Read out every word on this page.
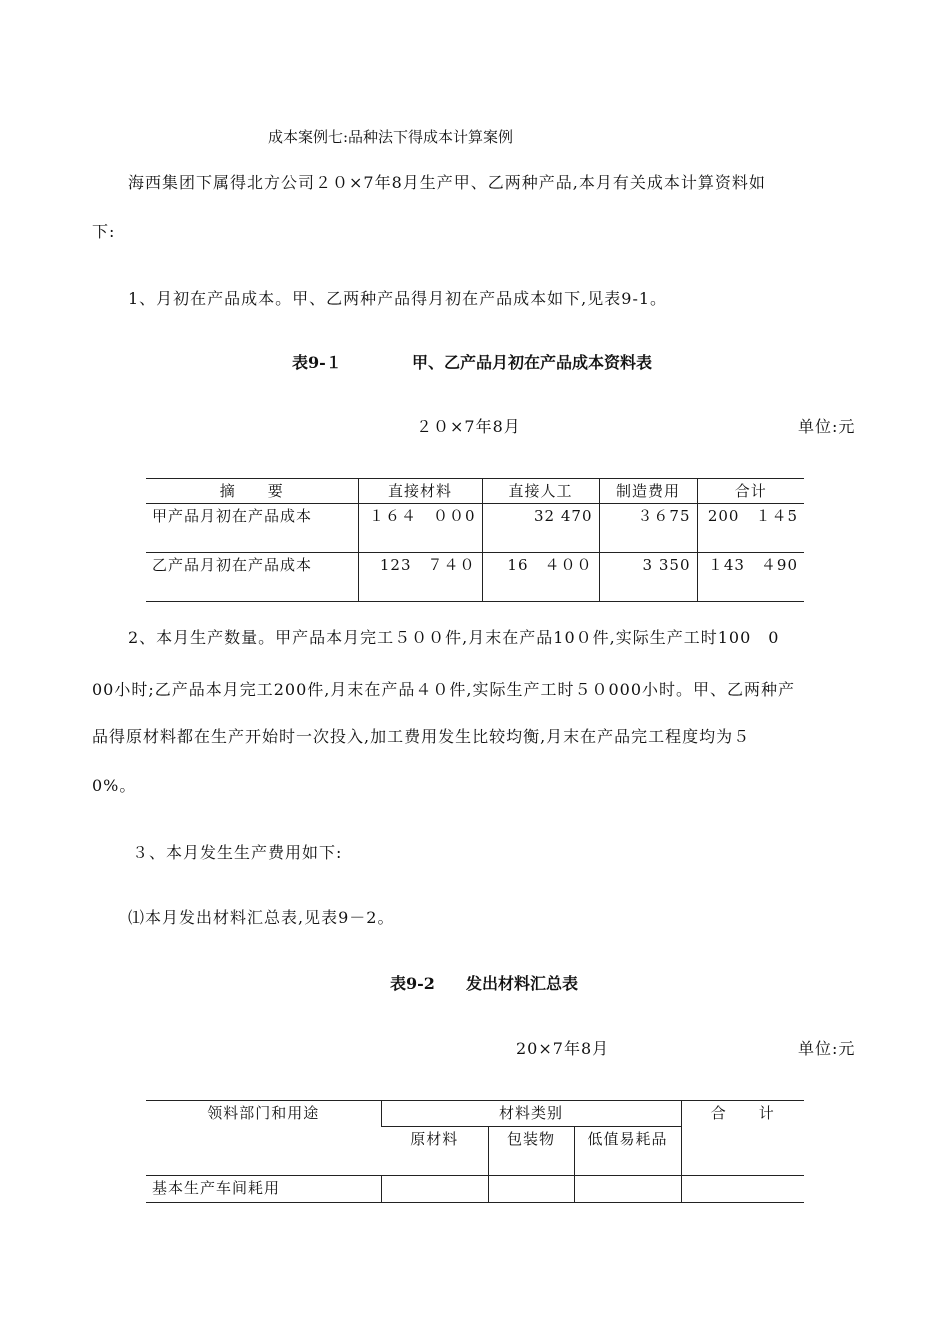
成本案例七:品种法下得成本计算案例
海西集团下属得北方公司２０×7年8月生产甲、乙两种产品,本月有关成本计算资料如
下:
1、月初在产品成本。甲、乙两种产品得月初在产品成本如下,见表9-1。
表9-１	甲、乙产品月初在产品成本资料表
２０×7年8月	单位:元
摘　　要	直接材料	直接人工	制造费用	合计
甲产品月初在产品成本	１６４　００0	32 470	３６75	200　１４5
乙产品月初在产品成本	123　７４０	16　４００	3 350	１43　４90
2、本月生产数量。甲产品本月完工５００件,月末在产品10０件,实际生产工时100　0
00小时;乙产品本月完工200件,月末在产品４０件,实际生产工时５０000小时。甲、乙两种产
品得原材料都在生产开始时一次投入,加工费用发生比较均衡,月末在产品完工程度均为５
0%。
３、本月发生生产费用如下:
⑴本月发出材料汇总表,见表9－2。
表9-2 发出材料汇总表
20×7年8月	单位:元
领料部门和用途	材料类别			合　　计
	原材料	包装物	低值易耗品	
基本生产车间耗用				
